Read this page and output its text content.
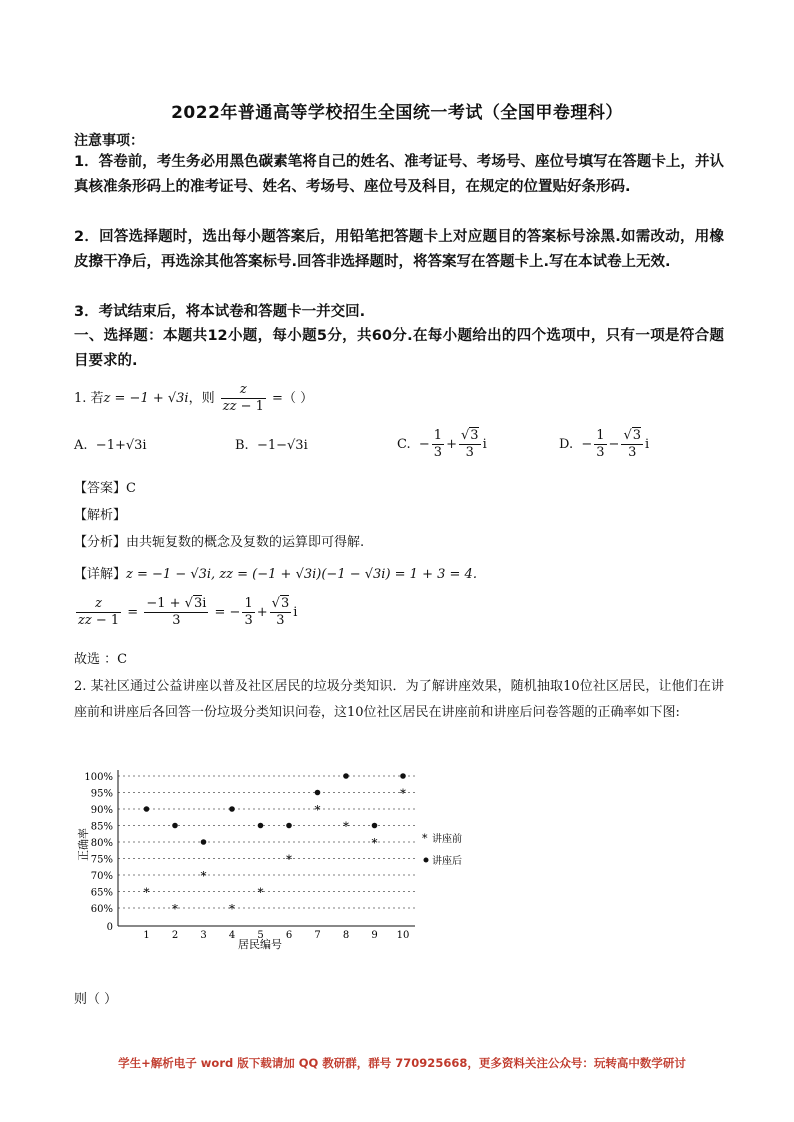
2022年普通高等学校招生全国统一考试（全国甲卷理科）
注意事项：
1．答卷前，考生务必用黑色碳素笔将自己的姓名、准考证号、考场号、座位号填写在答题卡上，并认真核准条形码上的准考证号、姓名、考场号、座位号及科目，在规定的位置贴好条形码.
2．回答选择题时，选出每小题答案后，用铅笔把答题卡上对应题目的答案标号涂黑.如需改动，用橡皮擦干净后，再选涂其他答案标号.回答非选择题时，将答案写在答题卡上.写在本试卷上无效.
3．考试结束后，将本试卷和答题卡一并交回.
一、选择题：本题共12小题，每小题5分，共60分.在每小题给出的四个选项中，只有一项是符合题目要求的.
1. 若z = −1 + √3i，则 $\frac{z}{z\overline{z} - 1}$ =（ ）
A. −1+√3i	B. −1−√3i	C.  − $\frac{1}{3} + \frac{√3}{3}$ i	D.  − $\frac{1}{3} - \frac{√3}{3}$ i
【答案】C
【解析】
【分析】由共轭复数的概念及复数的运算即可得解.
【详解】z = −1 − √3i, zz = (−1 + √3i)(−1 − √3i) = 1 + 3 = 4.
$\frac{z}{z\overline{z} - 1} = \frac{-1 + √3i}{3}$ = − $\frac{1}{3} + \frac{√3}{3}$ i
故选 ：C
2. 某社区通过公益讲座以普及社区居民的垃圾分类知识．为了解讲座效果，随机抽取10位社区居民，让他们在讲座前和讲座后各回答一份垃圾分类知识问卷，这10位社区居民在讲座前和讲座后问卷答题的正确率如下图:
100%
95%
90%
85%
80%
75%
70%
65%
60%
0
1 2 3 4 5 6 7 8 9 10
*
*
*
*
*
*
*
*
*
*
正确率
居民编号
* 讲座前
讲座后
则（ ）
学生+解析电子 word 版下载请加 QQ 教研群，群号 770925668，更多资料关注公众号：玩转高中数学研讨
